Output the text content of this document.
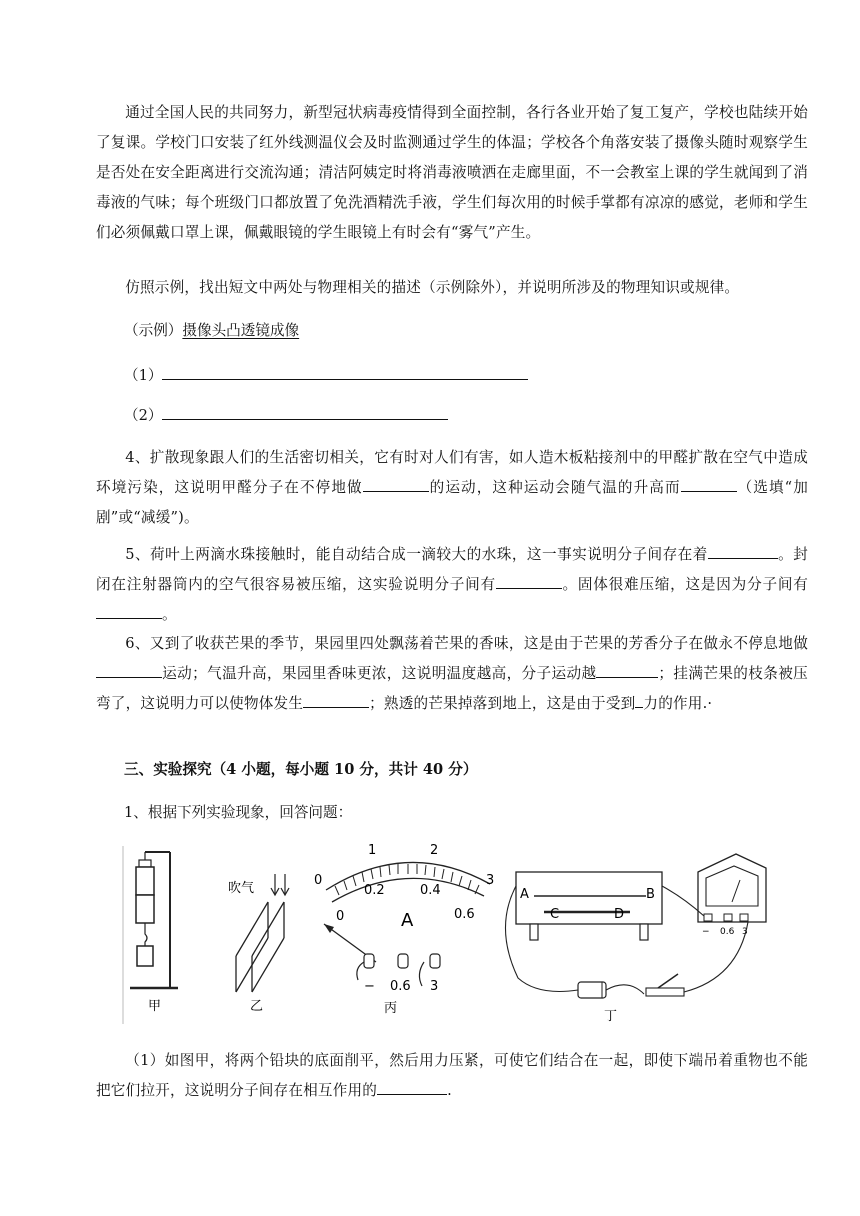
通过全国人民的共同努力，新型冠状病毒疫情得到全面控制，各行各业开始了复工复产，学校也陆续开始了复课。学校门口安装了红外线测温仪会及时监测通过学生的体温；学校各个角落安装了摄像头随时观察学生是否处在安全距离进行交流沟通；清洁阿姨定时将消毒液喷洒在走廊里面，不一会教室上课的学生就闻到了消毒液的气味；每个班级门口都放置了免洗酒精洗手液，学生们每次用的时候手掌都有凉凉的感觉，老师和学生们必须佩戴口罩上课，佩戴眼镜的学生眼镜上有时会有“雾气”产生。
仿照示例，找出短文中两处与物理相关的描述（示例除外），并说明所涉及的物理知识或规律。
（示例）摄像头凸透镜成像
（1）
（2）
4、扩散现象跟人们的生活密切相关，它有时对人们有害，如人造木板粘接剂中的甲醛扩散在空气中造成环境污染，这说明甲醛分子在不停地做	的运动，这种运动会随气温的升高而	（选填“加剧”或“减缓”)。
5、荷叶上两滴水珠接触时，能自动结合成一滴较大的水珠，这一事实说明分子间存在着	。封闭在注射器筒内的空气很容易被压缩，这实验说明分子间有	。固体很难压缩，这是因为分子间有。
6、又到了收获芒果的季节，果园里四处飘荡着芒果的香味，这是由于芒果的芳香分子在做永不停息地做运动；气温升高，果园里香味更浓，这说明温度越高，分子运动越	；挂满芒果的枝条被压弯了，这说明力可以使物体发生	；熟透的芒果掉落到地上，这是由于受到 力的作用.·
三、实验探究（4 小题，每小题 10 分，共计 40 分）
1、根据下列实验现象，回答问题：
甲
吹气
乙
0
1	2
3
0
0.2	0.4
0.6
A
− 0.6 3
丙
A	B
C	D
− 0.6 3
丁
（1）如图甲，将两个铅块的底面削平，然后用力压紧，可使它们结合在一起，即使下端吊着重物也不能把它们拉开，这说明分子间存在相互作用的	.
